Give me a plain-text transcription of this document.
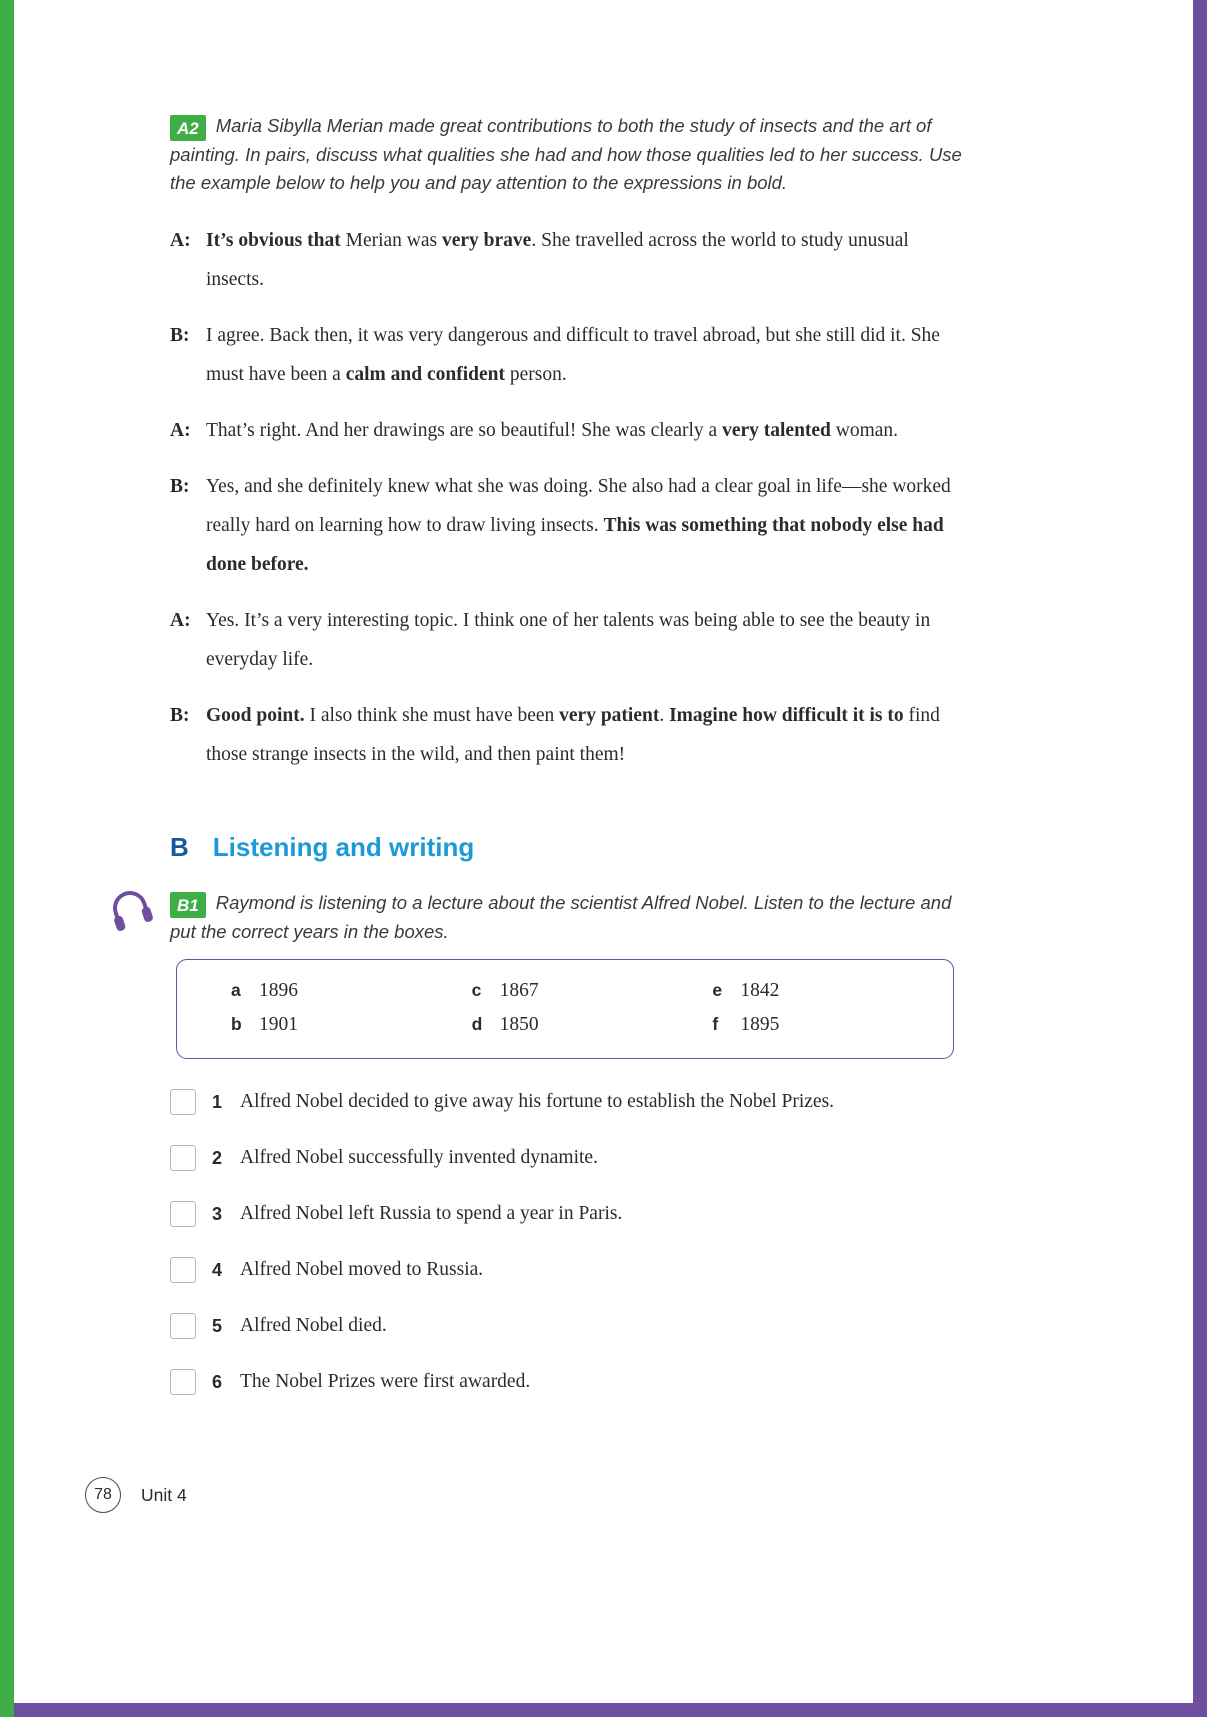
A2 Maria Sibylla Merian made great contributions to both the study of insects and the art of painting. In pairs, discuss what qualities she had and how those qualities led to her success. Use the example below to help you and pay attention to the expressions in bold.

A: It’s obvious that Merian was very brave. She travelled across the world to study unusual insects.
B: I agree. Back then, it was very dangerous and difficult to travel abroad, but she still did it. She must have been a calm and confident person.
A: That’s right. And her drawings are so beautiful! She was clearly a very talented woman.
B: Yes, and she definitely knew what she was doing. She also had a clear goal in life—she worked really hard on learning how to draw living insects. This was something that nobody else had done before.
A: Yes. It’s a very interesting topic. I think one of her talents was being able to see the beauty in everyday life.
B: Good point. I also think she must have been very patient. Imagine how difficult it is to find those strange insects in the wild, and then paint them!
B Listening and writing

B1 Raymond is listening to a lecture about the scientist Alfred Nobel. Listen to the lecture and put the correct years in the boxes.

a 1896
b 1901
c 1867
d 1850
e 1842
f	1895
1 Alfred Nobel decided to give away his fortune to establish the Nobel Prizes.
2 Alfred Nobel successfully invented dynamite.
3 Alfred Nobel left Russia to spend a year in Paris.
4 Alfred Nobel moved to Russia.
5 Alfred Nobel died.
6 The Nobel Prizes were first awarded.
78	Unit 4
